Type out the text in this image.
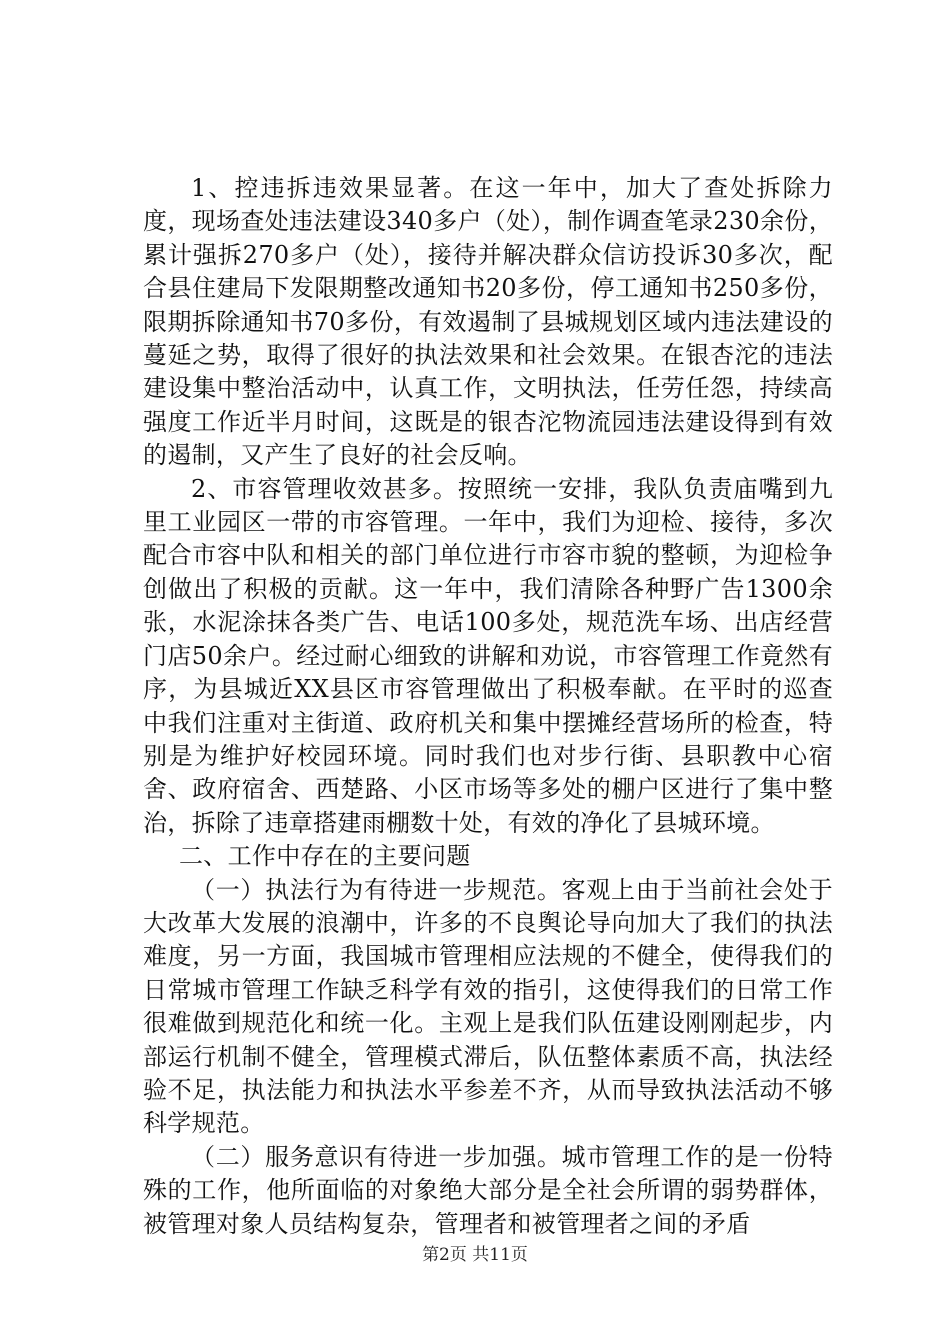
1、控违拆违效果显著。在这一年中，加大了查处拆除力度，现场查处违法建设340多户（处），制作调查笔录230余份，累计强拆270多户（处），接待并解决群众信访投诉30多次，配合县住建局下发限期整改通知书20多份，停工通知书250多份，限期拆除通知书70多份，有效遏制了县城规划区域内违法建设的蔓延之势，取得了很好的执法效果和社会效果。在银杏沱的违法建设集中整治活动中，认真工作，文明执法，任劳任怨，持续高强度工作近半月时间，这既是的银杏沱物流园违法建设得到有效的遏制，又产生了良好的社会反响。

2、市容管理收效甚多。按照统一安排，我队负责庙嘴到九里工业园区一带的市容管理。一年中，我们为迎检、接待，多次配合市容中队和相关的部门单位进行市容市貌的整顿，为迎检争创做出了积极的贡献。这一年中，我们清除各种野广告1300余张，水泥涂抹各类广告、电话100多处，规范洗车场、出店经营门店50余户。经过耐心细致的讲解和劝说，市容管理工作竟然有序，为县城近XX县区市容管理做出了积极奉献。在平时的巡查中我们注重对主街道、政府机关和集中摆摊经营场所的检查，特别是为维护好校园环境。同时我们也对步行街、县职教中心宿舍、政府宿舍、西楚路、小区市场等多处的棚户区进行了集中整治，拆除了违章搭建雨棚数十处，有效的净化了县城环境。

二、工作中存在的主要问题

（一）执法行为有待进一步规范。客观上由于当前社会处于大改革大发展的浪潮中，许多的不良舆论导向加大了我们的执法难度，另一方面，我国城市管理相应法规的不健全，使得我们的日常城市管理工作缺乏科学有效的指引，这使得我们的日常工作很难做到规范化和统一化。主观上是我们队伍建设刚刚起步，内部运行机制不健全，管理模式滞后，队伍整体素质不高，执法经验不足，执法能力和执法水平参差不齐，从而导致执法活动不够科学规范。

（二）服务意识有待进一步加强。城市管理工作的是一份特殊的工作，他所面临的对象绝大部分是全社会所谓的弱势群体，被管理对象人员结构复杂，管理者和被管理者之间的矛盾

第2页 共11页
